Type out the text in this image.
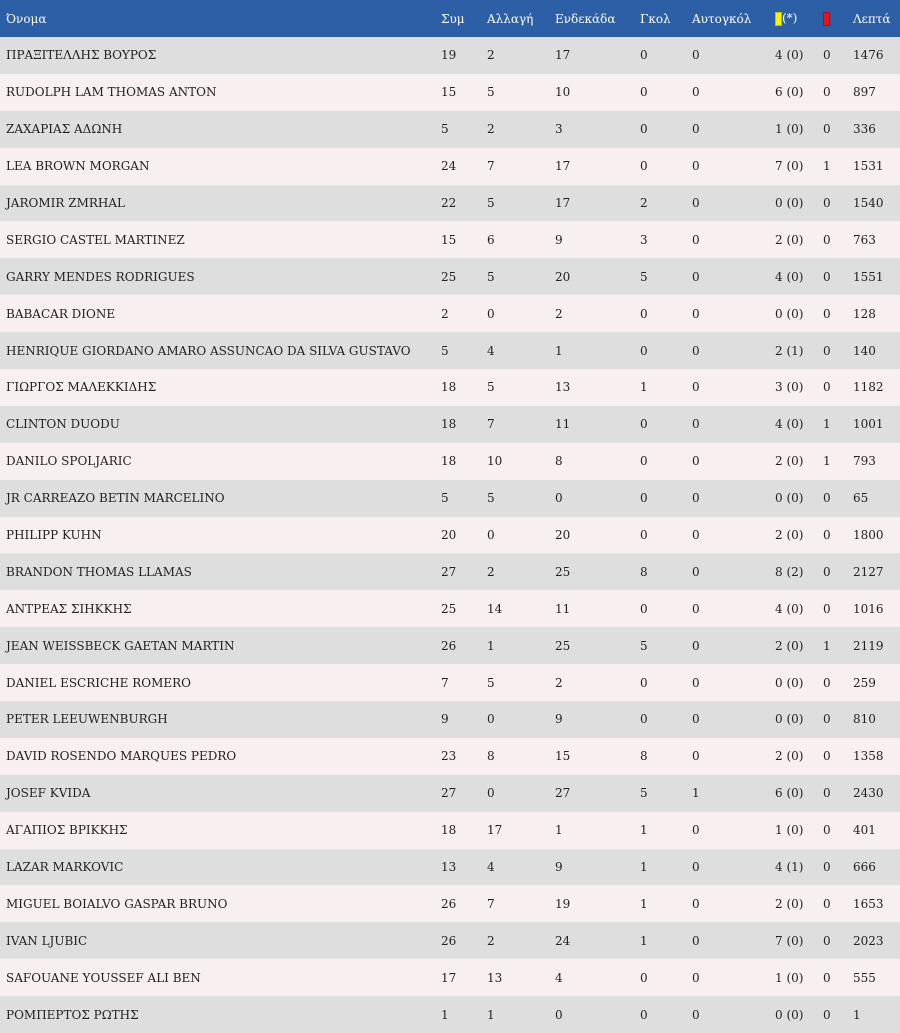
Όνομα	Συμ	Αλλαγή	Ενδεκάδα	Γκολ	Αυτογκόλ	(*)		Λεπτά
ΠΡΑΞΙΤΕΛΛΗΣ ΒΟΥΡΟΣ	19	2	17	0	0	4 (0)	0	1476
RUDOLPH LAM THOMAS ANTON	15	5	10	0	0	6 (0)	0	897
ΖΑΧΑΡΙΑΣ ΑΔΩΝΗ	5	2	3	0	0	1 (0)	0	336
LEA BROWN MORGAN	24	7	17	0	0	7 (0)	1	1531
JAROMIR ZMRHAL	22	5	17	2	0	0 (0)	0	1540
SERGIO CASTEL MARTINEZ	15	6	9	3	0	2 (0)	0	763
GARRY MENDES RODRIGUES	25	5	20	5	0	4 (0)	0	1551
BABACAR DIONE	2	0	2	0	0	0 (0)	0	128
HENRIQUE GIORDANO AMARO ASSUNCAO DA SILVA GUSTAVO	5	4	1	0	0	2 (1)	0	140
ΓΙΩΡΓΟΣ ΜΑΛΕΚΚΙΔΗΣ	18	5	13	1	0	3 (0)	0	1182
CLINTON DUODU	18	7	11	0	0	4 (0)	1	1001
DANILO SPOLJARIC	18	10	8	0	0	2 (0)	1	793
JR CARREAZO BETIN MARCELINO	5	5	0	0	0	0 (0)	0	65
PHILIPP KUHN	20	0	20	0	0	2 (0)	0	1800
BRANDON THOMAS LLAMAS	27	2	25	8	0	8 (2)	0	2127
ΑΝΤΡΕΑΣ ΣΙΗΚΚΗΣ	25	14	11	0	0	4 (0)	0	1016
JEAN WEISSBECK GAETAN MARTIN	26	1	25	5	0	2 (0)	1	2119
DANIEL ESCRICHE ROMERO	7	5	2	0	0	0 (0)	0	259
PETER LEEUWENBURGH	9	0	9	0	0	0 (0)	0	810
DAVID ROSENDO MARQUES PEDRO	23	8	15	8	0	2 (0)	0	1358
JOSEF KVIDA	27	0	27	5	1	6 (0)	0	2430
ΑΓΑΠΙΟΣ ΒΡΙΚΚΗΣ	18	17	1	1	0	1 (0)	0	401
LAZAR MARKOVIC	13	4	9	1	0	4 (1)	0	666
MIGUEL BOIALVO GASPAR BRUNO	26	7	19	1	0	2 (0)	0	1653
IVAN LJUBIC	26	2	24	1	0	7 (0)	0	2023
SAFOUANE YOUSSEF ALI BEN	17	13	4	0	0	1 (0)	0	555
ΡΟΜΠΕΡΤΟΣ ΡΩΤΗΣ	1	1	0	0	0	0 (0)	0	1
